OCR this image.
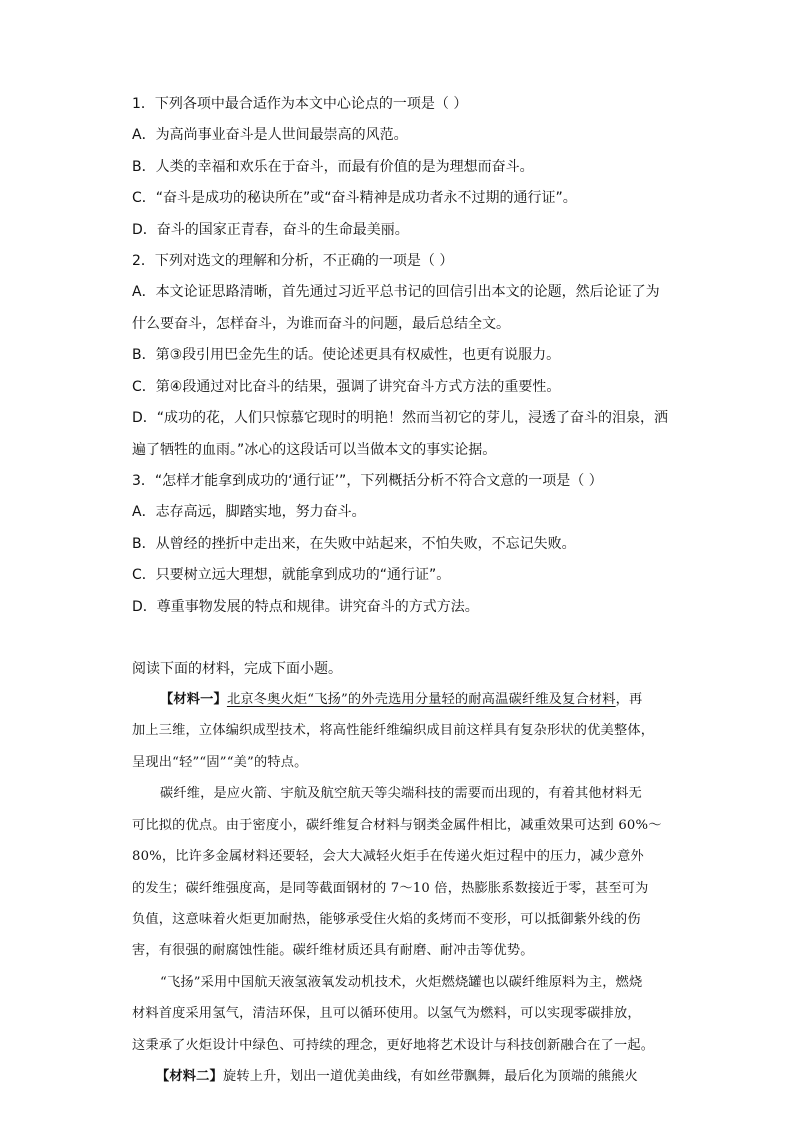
1．下列各项中最合适作为本文中心论点的一项是（ ）
A．为高尚事业奋斗是人世间最崇高的风范。
B．人类的幸福和欢乐在于奋斗，而最有价值的是为理想而奋斗。
C．“奋斗是成功的秘诀所在”或“奋斗精神是成功者永不过期的通行证”。
D．奋斗的国家正青春，奋斗的生命最美丽。
2．下列对选文的理解和分析，不正确的一项是（ ）
A．本文论证思路清晰，首先通过习近平总书记的回信引出本文的论题，然后论证了为
什么要奋斗，怎样奋斗，为谁而奋斗的问题，最后总结全文。
B．第③段引用巴金先生的话。使论述更具有权威性，也更有说服力。
C．第④段通过对比奋斗的结果，强调了讲究奋斗方式方法的重要性。
D．“成功的花，人们只惊慕它现时的明艳！然而当初它的芽儿，浸透了奋斗的泪泉，洒
遍了牺牲的血雨。”冰心的这段话可以当做本文的事实论据。
3．“怎样才能拿到成功的‘通行证’”，下列概括分析不符合文意的一项是（ ）
A．志存高远，脚踏实地，努力奋斗。
B．从曾经的挫折中走出来，在失败中站起来，不怕失败，不忘记失败。
C．只要树立远大理想，就能拿到成功的“通行证”。
D．尊重事物发展的特点和规律。讲究奋斗的方式方法。
阅读下面的材料，完成下面小题。
【材料一】北京冬奥火炬“飞扬”的外壳选用分量轻的耐高温碳纤维及复合材料，再
加上三维，立体编织成型技术，将高性能纤维编织成目前这样具有复杂形状的优美整体，
呈现出“轻”“固”“美”的特点。
碳纤维，是应火箭、宇航及航空航天等尖端科技的需要而出现的，有着其他材料无
可比拟的优点。由于密度小，碳纤维复合材料与钢类金属件相比，减重效果可达到 60%～
80%，比许多金属材料还要轻，会大大减轻火炬手在传递火炬过程中的压力，减少意外
的发生；碳纤维强度高，是同等截面钢材的 7～10 倍，热膨胀系数接近于零，甚至可为
负值，这意味着火炬更加耐热，能够承受住火焰的炙烤而不变形，可以抵御紫外线的伤
害，有很强的耐腐蚀性能。碳纤维材质还具有耐磨、耐冲击等优势。
“飞扬”采用中国航天液氢液氧发动机技术，火炬燃烧罐也以碳纤维原料为主，燃烧
材料首度采用氢气，清洁环保，且可以循环使用。以氢气为燃料，可以实现零碳排放，
这秉承了火炬设计中绿色、可持续的理念，更好地将艺术设计与科技创新融合在了一起。
【材料二】旋转上升，划出一道优美曲线，有如丝带飘舞，最后化为顶端的熊熊火
